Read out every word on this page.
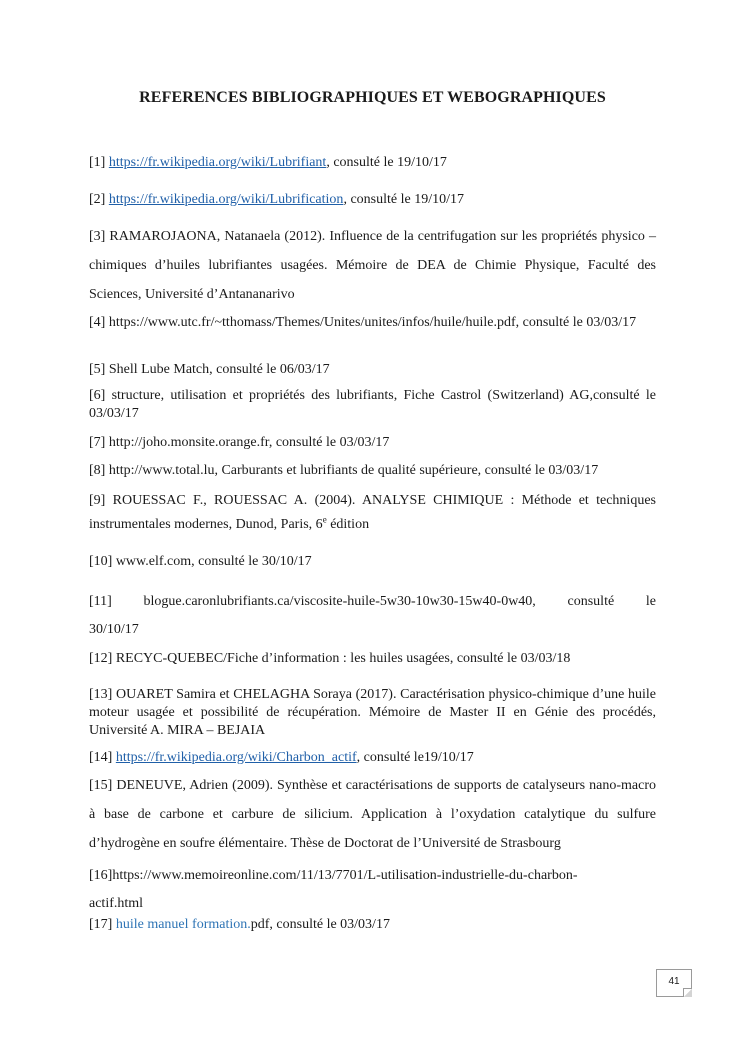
REFERENCES BIBLIOGRAPHIQUES ET WEBOGRAPHIQUES

[1] https://fr.wikipedia.org/wiki/Lubrifiant, consulté le 19/10/17

[2] https://fr.wikipedia.org/wiki/Lubrification, consulté le 19/10/17

[3] RAMAROJAONA, Natanaela (2012). Influence de la centrifugation sur les propriétés physico –chimiques d’huiles lubrifiantes usagées. Mémoire de DEA de Chimie Physique, Faculté des Sciences, Université d’Antananarivo

[4] https://www.utc.fr/~tthomass/Themes/Unites/unites/infos/huile/huile.pdf, consulté le 03/03/17

[5] Shell Lube Match, consulté le 06/03/17

[6] structure, utilisation et propriétés des lubrifiants, Fiche Castrol (Switzerland) AG,consulté le 03/03/17

[7] http://joho.monsite.orange.fr, consulté le 03/03/17

[8] http://www.total.lu, Carburants et lubrifiants de qualité supérieure, consulté le 03/03/17

[9] ROUESSAC F., ROUESSAC A. (2004). ANALYSE CHIMIQUE : Méthode et techniques instrumentales modernes, Dunod, Paris, 6e édition

[10] www.elf.com, consulté le 30/10/17

[11] blogue.caronlubrifiants.ca/viscosite-huile-5w30-10w30-15w40-0w40, consulté le
30/10/17

[12] RECYC-QUEBEC/Fiche d’information : les huiles usagées, consulté le 03/03/18

[13] OUARET Samira et CHELAGHA Soraya (2017). Caractérisation physico-chimique d’une huile moteur usagée et possibilité de récupération. Mémoire de Master II en Génie des procédés, Université A. MIRA – BEJAIA

[14] https://fr.wikipedia.org/wiki/Charbon_actif, consulté le19/10/17

[15] DENEUVE, Adrien (2009). Synthèse et caractérisations de supports de catalyseurs nano-macro à base de carbone et carbure de silicium. Application à l’oxydation catalytique du sulfure d’hydrogène en soufre élémentaire. Thèse de Doctorat de l’Université de Strasbourg

[16]https://www.memoireonline.com/11/13/7701/L-utilisation-industrielle-du-charbon-
actif.html

[17] huile manuel formation.pdf, consulté le 03/03/17

41
